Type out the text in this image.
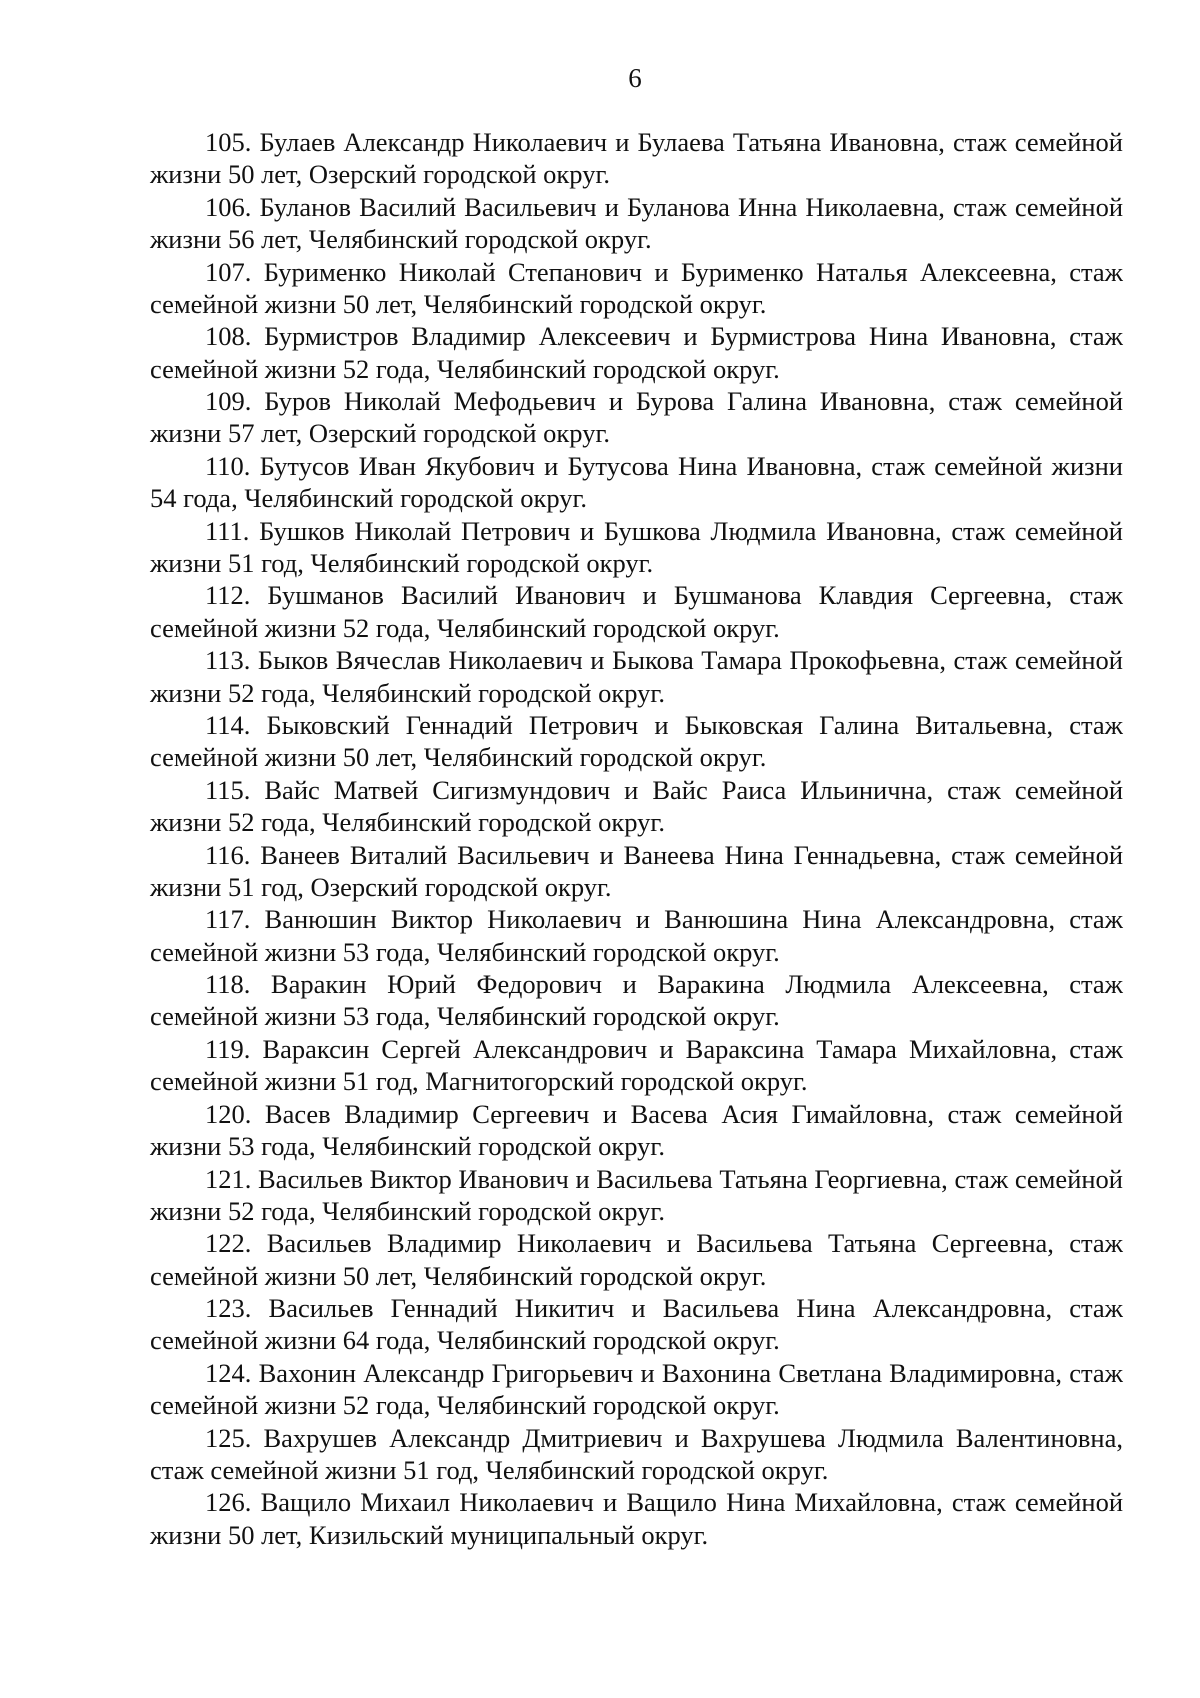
6
105. Булаев Александр Николаевич и Булаева Татьяна Ивановна, стаж семейной жизни 50 лет, Озерский городской округ.
106. Буланов Василий Васильевич и Буланова Инна Николаевна, стаж семейной жизни 56 лет, Челябинский городской округ.
107. Бурименко Николай Степанович и Бурименко Наталья Алексеевна, стаж семейной жизни 50 лет, Челябинский городской округ.
108. Бурмистров Владимир Алексеевич и Бурмистрова Нина Ивановна, стаж семейной жизни 52 года, Челябинский городской округ.
109. Буров Николай Мефодьевич и Бурова Галина Ивановна, стаж семейной жизни 57 лет, Озерский городской округ.
110. Бутусов Иван Якубович и Бутусова Нина Ивановна, стаж семейной жизни 54 года, Челябинский городской округ.
111. Бушков Николай Петрович и Бушкова Людмила Ивановна, стаж семейной жизни 51 год, Челябинский городской округ.
112. Бушманов Василий Иванович и Бушманова Клавдия Сергеевна, стаж семейной жизни 52 года, Челябинский городской округ.
113. Быков Вячеслав Николаевич и Быкова Тамара Прокофьевна, стаж семейной жизни 52 года, Челябинский городской округ.
114. Быковский Геннадий Петрович и Быковская Галина Витальевна, стаж семейной жизни 50 лет, Челябинский городской округ.
115. Вайс Матвей Сигизмундович и Вайс Раиса Ильинична, стаж семейной жизни 52 года, Челябинский городской округ.
116. Ванеев Виталий Васильевич и Ванеева Нина Геннадьевна, стаж семейной жизни 51 год, Озерский городской округ.
117. Ванюшин Виктор Николаевич и Ванюшина Нина Александровна, стаж семейной жизни 53 года, Челябинский городской округ.
118. Варакин Юрий Федорович и Варакина Людмила Алексеевна, стаж семейной жизни 53 года, Челябинский городской округ.
119. Вараксин Сергей Александрович и Вараксина Тамара Михайловна, стаж семейной жизни 51 год, Магнитогорский городской округ.
120. Васев Владимир Сергеевич и Васева Асия Гимайловна, стаж семейной жизни 53 года, Челябинский городской округ.
121. Васильев Виктор Иванович и Васильева Татьяна Георгиевна, стаж семейной жизни 52 года, Челябинский городской округ.
122. Васильев Владимир Николаевич и Васильева Татьяна Сергеевна, стаж семейной жизни 50 лет, Челябинский городской округ.
123. Васильев Геннадий Никитич и Васильева Нина Александровна, стаж семейной жизни 64 года, Челябинский городской округ.
124. Вахонин Александр Григорьевич и Вахонина Светлана Владимировна, стаж семейной жизни 52 года, Челябинский городской округ.
125. Вахрушев Александр Дмитриевич и Вахрушева Людмила Валентиновна, стаж семейной жизни 51 год, Челябинский городской округ.
126. Ващило Михаил Николаевич и Ващило Нина Михайловна, стаж семейной жизни 50 лет, Кизильский муниципальный округ.
